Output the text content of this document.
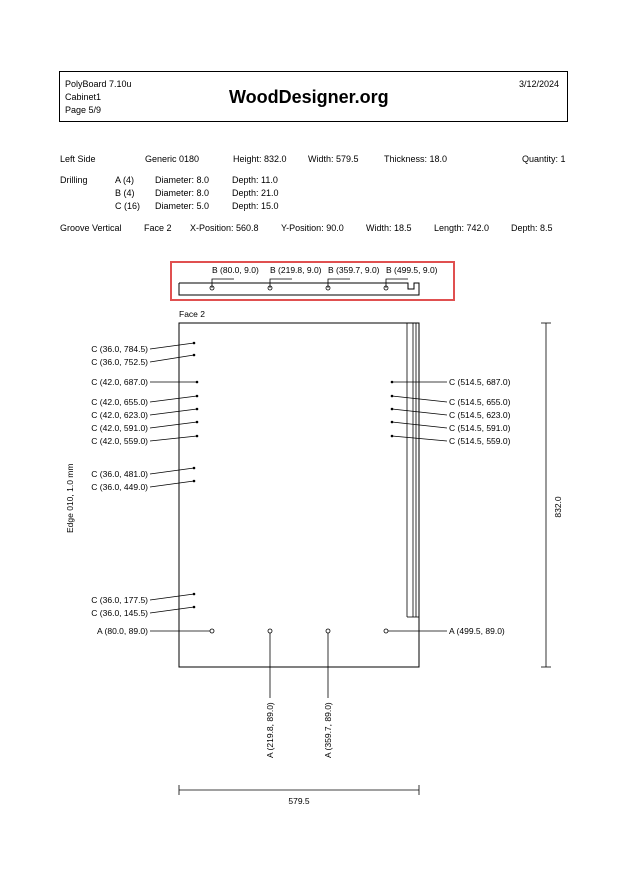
PolyBoard 7.10u
Cabinet1
Page 5/9
WoodDesigner.org
3/12/2024
Left Side	Generic 0180	Height: 832.0 Width: 579.5	Thickness: 18.0	Quantity: 1
Drilling	A (4) Diameter: 8.0	Depth: 11.0
B (4) Diameter: 8.0	Depth: 21.0
C (16) Diameter: 5.0	Depth: 15.0
Groove Vertical Face 2 X-Position: 560.8 Y-Position: 90.0 Width: 18.5 Length: 742.0 Depth: 8.5
B (80.0, 9.0) B (219.8, 9.0) B (359.7, 9.0) B (499.5, 9.0)
Face 2
C (36.0, 784.5)
C (36.0, 752.5)
C (42.0, 687.0)
C (42.0, 655.0)
C (42.0, 623.0)
C (42.0, 591.0)
C (42.0, 559.0)
C (36.0, 481.0)
C (36.0, 449.0)
C (36.0, 177.5)
C (36.0, 145.5)
A (80.0, 89.0)
C (514.5, 687.0)
C (514.5, 655.0)
C (514.5, 623.0)
C (514.5, 591.0)
C (514.5, 559.0)
A (499.5, 89.0)
A (219.8, 89.0)	A (359.7, 89.0)
Edge 010, 1.0 mm	832.0
579.5
